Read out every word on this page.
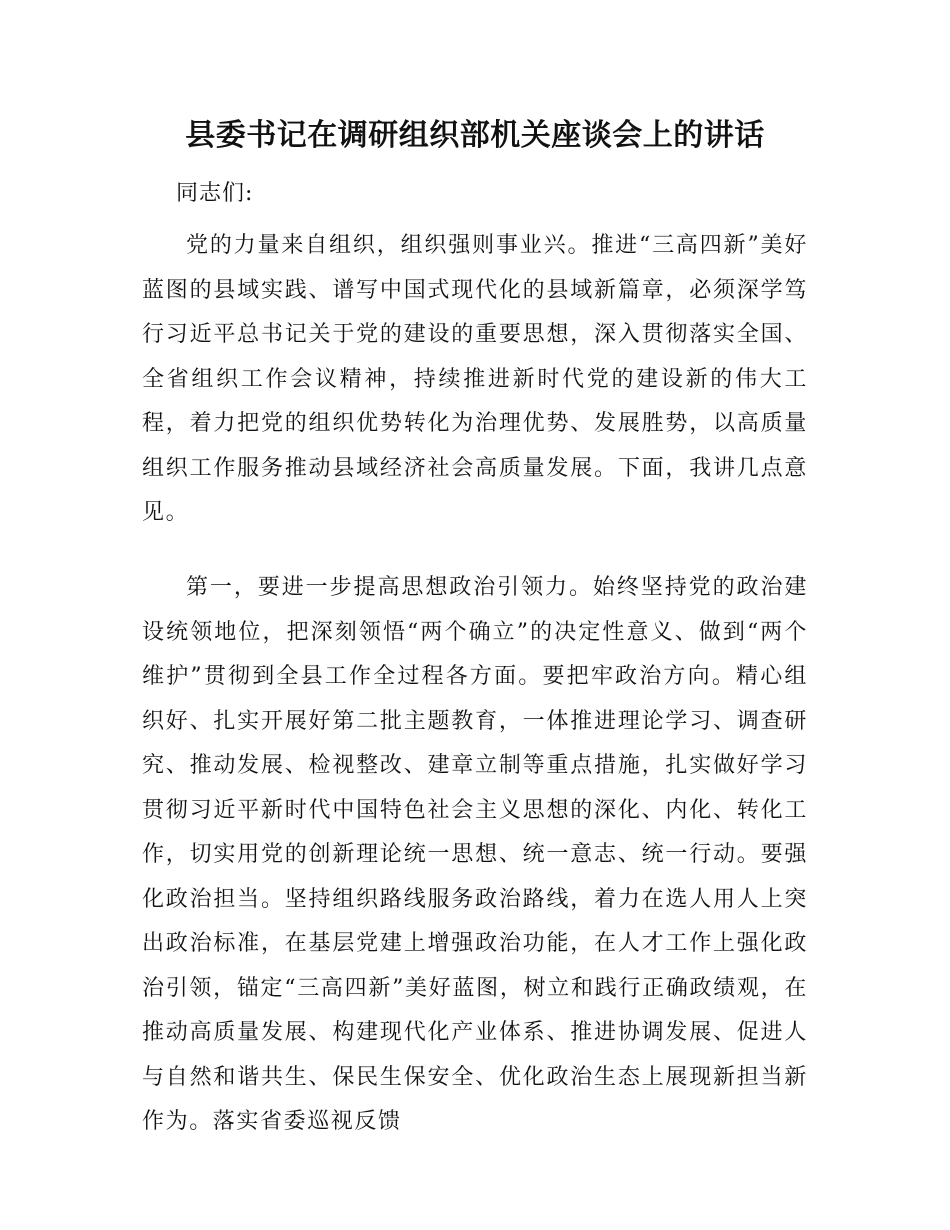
县委书记在调研组织部机关座谈会上的讲话

同志们:

党的力量来自组织，组织强则事业兴。推进“三高四新”美好蓝图的县域实践、谱写中国式现代化的县域新篇章，必须深学笃行习近平总书记关于党的建设的重要思想，深入贯彻落实全国、全省组织工作会议精神，持续推进新时代党的建设新的伟大工程，着力把党的组织优势转化为治理优势、发展胜势，以高质量组织工作服务推动县域经济社会高质量发展。下面，我讲几点意见。

第一，要进一步提高思想政治引领力。始终坚持党的政治建设统领地位，把深刻领悟“两个确立”的决定性意义、做到“两个维护”贯彻到全县工作全过程各方面。要把牢政治方向。精心组织好、扎实开展好第二批主题教育，一体推进理论学习、调查研究、推动发展、检视整改、建章立制等重点措施，扎实做好学习贯彻习近平新时代中国特色社会主义思想的深化、内化、转化工作，切实用党的创新理论统一思想、统一意志、统一行动。要强化政治担当。坚持组织路线服务政治路线，着力在选人用人上突出政治标准，在基层党建上增强政治功能，在人才工作上强化政治引领，锚定“三高四新”美好蓝图，树立和践行正确政绩观，在推动高质量发展、构建现代化产业体系、推进协调发展、促进人与自然和谐共生、保民生保安全、优化政治生态上展现新担当新作为。落实省委巡视反馈
